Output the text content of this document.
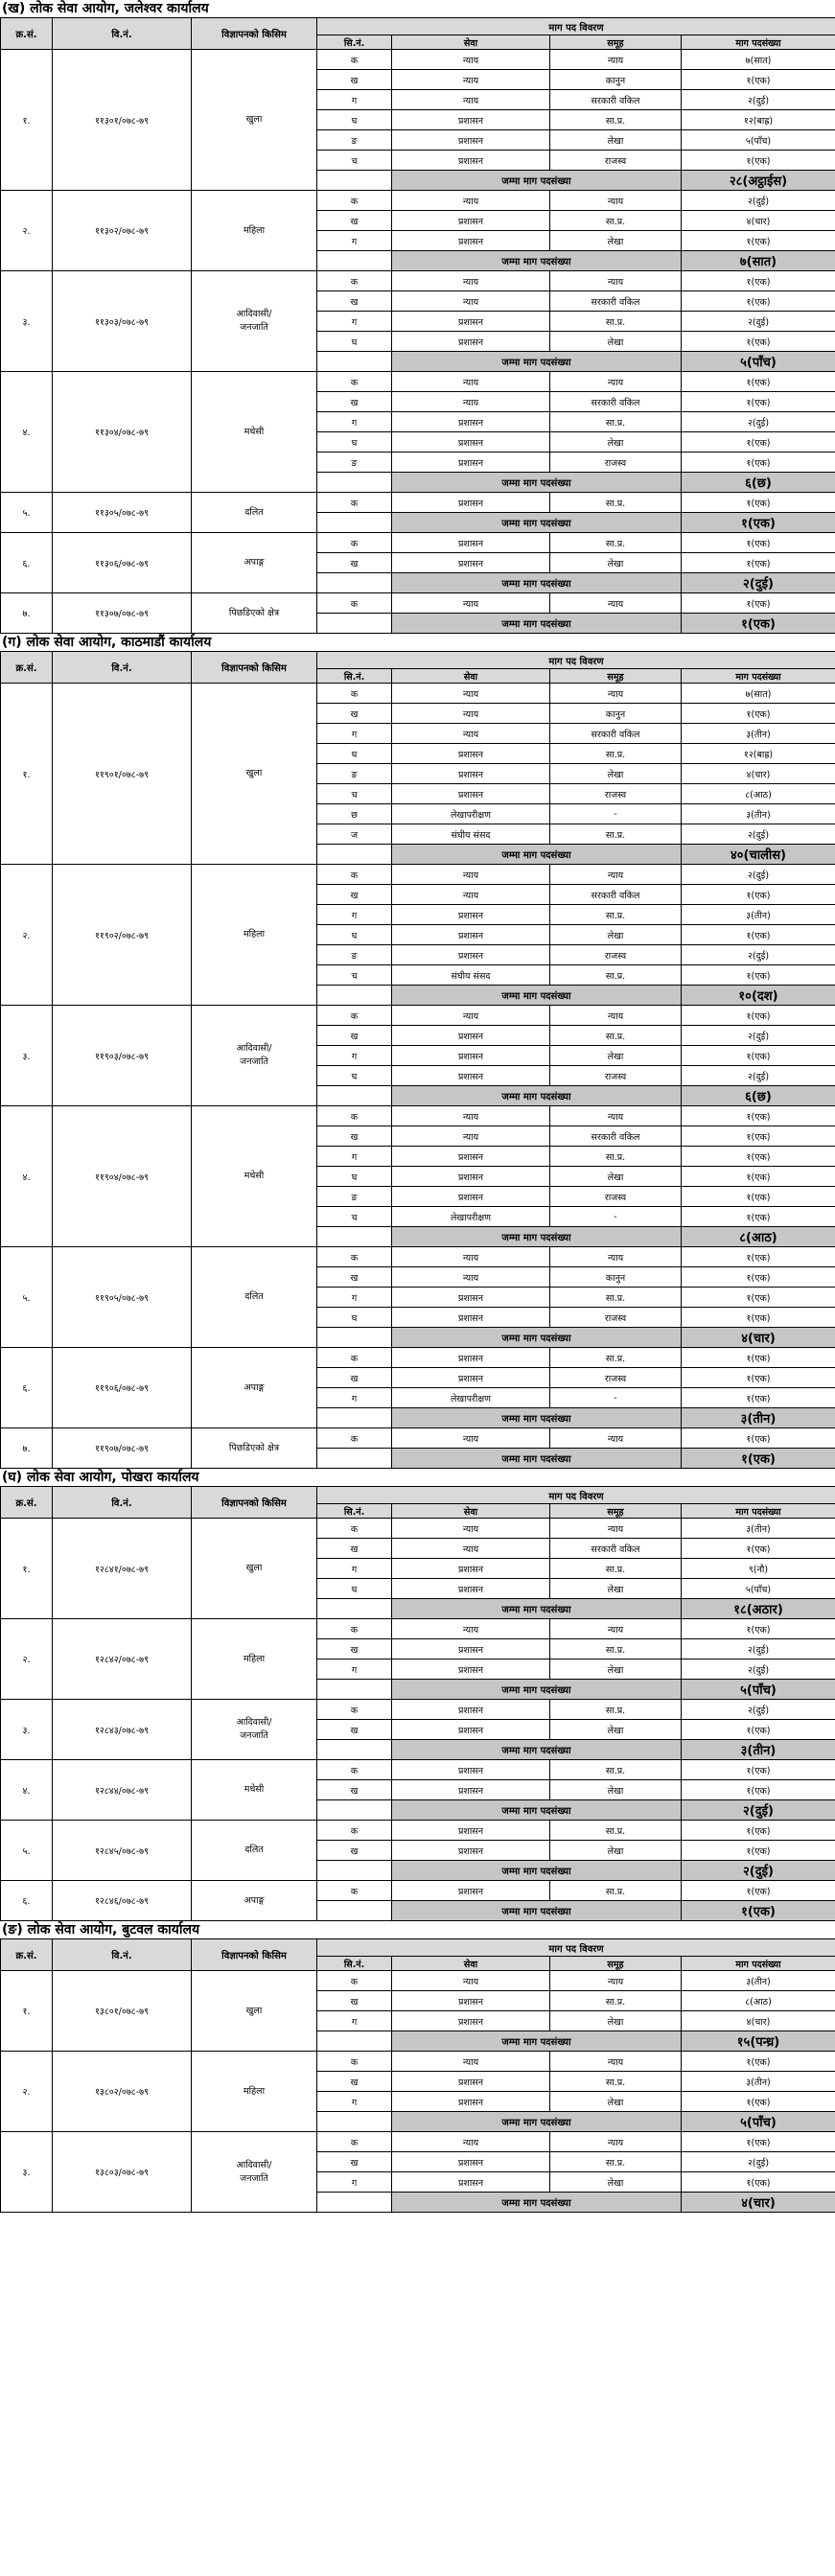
(ख) लोक सेवा आयोग, जलेश्वर कार्यालय
क्र.सं.	वि.नं.	विज्ञापनको किसिम	माग पद विवरण			
			सि.नं.	सेवा	समूह	माग पदसंख्या
१.	११३०१/०७८-७९	खुला	क	न्याय	न्याय	७(सात)
			ख	न्याय	कानुन	१(एक)
			ग	न्याय	सरकारी वकिल	२(दुई)
			घ	प्रशासन	सा.प्र.	१२(बाह्र)
			ङ	प्रशासन	लेखा	५(पाँच)
			च	प्रशासन	राजस्व	१(एक)
				जम्मा माग पदसंख्या		२८(अट्ठाईस)
२.	११३०२/०७८-७९	महिला	क	न्याय	न्याय	२(दुई)
			ख	प्रशासन	सा.प्र.	४(चार)
			ग	प्रशासन	लेखा	१(एक)
				जम्मा माग पदसंख्या		७(सात)
३.	११३०३/०७८-७९	आदिवासी/
जनजाति	क	न्याय	न्याय	१(एक)
			ख	न्याय	सरकारी वकिल	१(एक)
			ग	प्रशासन	सा.प्र.	२(दुई)
			घ	प्रशासन	लेखा	१(एक)
				जम्मा माग पदसंख्या		५(पाँच)
४.	११३०४/०७८-७९	मधेसी	क	न्याय	न्याय	१(एक)
			ख	न्याय	सरकारी वकिल	१(एक)
			ग	प्रशासन	सा.प्र.	२(दुई)
			घ	प्रशासन	लेखा	१(एक)
			ङ	प्रशासन	राजस्व	१(एक)
				जम्मा माग पदसंख्या		६(छ)
५.	११३०५/०७८-७९	दलित	क	प्रशासन	सा.प्र.	१(एक)
				जम्मा माग पदसंख्या		१(एक)
६.	११३०६/०७८-७९	अपाङ्ग	क	प्रशासन	सा.प्र.	१(एक)
			ख	प्रशासन	लेखा	१(एक)
				जम्मा माग पदसंख्या		२(दुई)
७.	११३०७/०७८-७९	पिछडिएको क्षेत्र	क	न्याय	न्याय	१(एक)
				जम्मा माग पदसंख्या		१(एक)
(ग) लोक सेवा आयोग, काठमाडौं कार्यालय
क्र.सं.	वि.नं.	विज्ञापनको किसिम	माग पद विवरण			
			सि.नं.	सेवा	समूह	माग पदसंख्या
१.	११९०१/०७८-७९	खुला	क	न्याय	न्याय	७(सात)
			ख	न्याय	कानुन	१(एक)
			ग	न्याय	सरकारी वकिल	३(तीन)
			घ	प्रशासन	सा.प्र.	१२(बाह्र)
			ङ	प्रशासन	लेखा	४(चार)
			च	प्रशासन	राजस्व	८(आठ)
			छ	लेखापरीक्षण	-	३(तीन)
			ज	संघीय संसद	सा.प्र.	२(दुई)
				जम्मा माग पदसंख्या		४०(चालीस)
२.	११९०२/०७८-७९	महिला	क	न्याय	न्याय	२(दुई)
			ख	न्याय	सरकारी वकिल	१(एक)
			ग	प्रशासन	सा.प्र.	३(तीन)
			घ	प्रशासन	लेखा	१(एक)
			ङ	प्रशासन	राजस्व	२(दुई)
			च	संघीय संसद	सा.प्र.	१(एक)
				जम्मा माग पदसंख्या		१०(दश)
३.	११९०३/०७८-७९	आदिवासी/
जनजाति	क	न्याय	न्याय	१(एक)
			ख	प्रशासन	सा.प्र.	२(दुई)
			ग	प्रशासन	लेखा	१(एक)
			घ	प्रशासन	राजस्व	२(दुई)
				जम्मा माग पदसंख्या		६(छ)
४.	११९०४/०७८-७९	मधेसी	क	न्याय	न्याय	१(एक)
			ख	न्याय	सरकारी वकिल	१(एक)
			ग	प्रशासन	सा.प्र.	१(एक)
			घ	प्रशासन	लेखा	१(एक)
			ङ	प्रशासन	राजस्व	१(एक)
			च	लेखापरीक्षण	-	१(एक)
				जम्मा माग पदसंख्या		८(आठ)
५.	११९०५/०७८-७९	दलित	क	न्याय	न्याय	१(एक)
			ख	न्याय	कानुन	१(एक)
			ग	प्रशासन	सा.प्र.	१(एक)
			घ	प्रशासन	राजस्व	१(एक)
				जम्मा माग पदसंख्या		४(चार)
६.	११९०६/०७८-७९	अपाङ्ग	क	प्रशासन	सा.प्र.	१(एक)
			ख	प्रशासन	राजस्व	१(एक)
			ग	लेखापरीक्षण	-	१(एक)
				जम्मा माग पदसंख्या		३(तीन)
७.	११९०७/०७८-७९	पिछडिएको क्षेत्र	क	न्याय	न्याय	१(एक)
				जम्मा माग पदसंख्या		१(एक)
(घ) लोक सेवा आयोग, पोखरा कार्यालय
क्र.सं.	वि.नं.	विज्ञापनको किसिम	माग पद विवरण			
			सि.नं.	सेवा	समूह	माग पदसंख्या
१.	१२८४१/०७८-७९	खुला	क	न्याय	न्याय	३(तीन)
			ख	न्याय	सरकारी वकिल	१(एक)
			ग	प्रशासन	सा.प्र.	९(नौ)
			घ	प्रशासन	लेखा	५(पाँच)
				जम्मा माग पदसंख्या		१८(अठार)
२.	१२८४२/०७८-७९	महिला	क	न्याय	न्याय	१(एक)
			ख	प्रशासन	सा.प्र.	२(दुई)
			ग	प्रशासन	लेखा	२(दुई)
				जम्मा माग पदसंख्या		५(पाँच)
३.	१२८४३/०७८-७९	आदिवासी/
जनजाति	क	प्रशासन	सा.प्र.	२(दुई)
			ख	प्रशासन	लेखा	१(एक)
				जम्मा माग पदसंख्या		३(तीन)
४.	१२८४४/०७८-७९	मधेसी	क	प्रशासन	सा.प्र.	१(एक)
			ख	प्रशासन	लेखा	१(एक)
				जम्मा माग पदसंख्या		२(दुई)
५.	१२८४५/०७८-७९	दलित	क	प्रशासन	सा.प्र.	१(एक)
			ख	प्रशासन	लेखा	१(एक)
				जम्मा माग पदसंख्या		२(दुई)
६.	१२८४६/०७८-७९	अपाङ्ग	क	प्रशासन	सा.प्र.	१(एक)
				जम्मा माग पदसंख्या		१(एक)
(ङ) लोक सेवा आयोग, बुटवल कार्यालय
क्र.सं.	वि.नं.	विज्ञापनको किसिम	माग पद विवरण			
			सि.नं.	सेवा	समूह	माग पदसंख्या
१.	१३८०१/०७८-७९	खुला	क	न्याय	न्याय	३(तीन)
			ख	प्रशासन	सा.प्र.	८(आठ)
			ग	प्रशासन	लेखा	४(चार)
				जम्मा माग पदसंख्या		१५(पन्ध्र)
२.	१३८०२/०७८-७९	महिला	क	न्याय	न्याय	१(एक)
			ख	प्रशासन	सा.प्र.	३(तीन)
			ग	प्रशासन	लेखा	१(एक)
				जम्मा माग पदसंख्या		५(पाँच)
३.	१३८०३/०७८-७९	आदिवासी/
जनजाति	क	न्याय	न्याय	१(एक)
			ख	प्रशासन	सा.प्र.	२(दुई)
			ग	प्रशासन	लेखा	१(एक)
				जम्मा माग पदसंख्या		४(चार)
